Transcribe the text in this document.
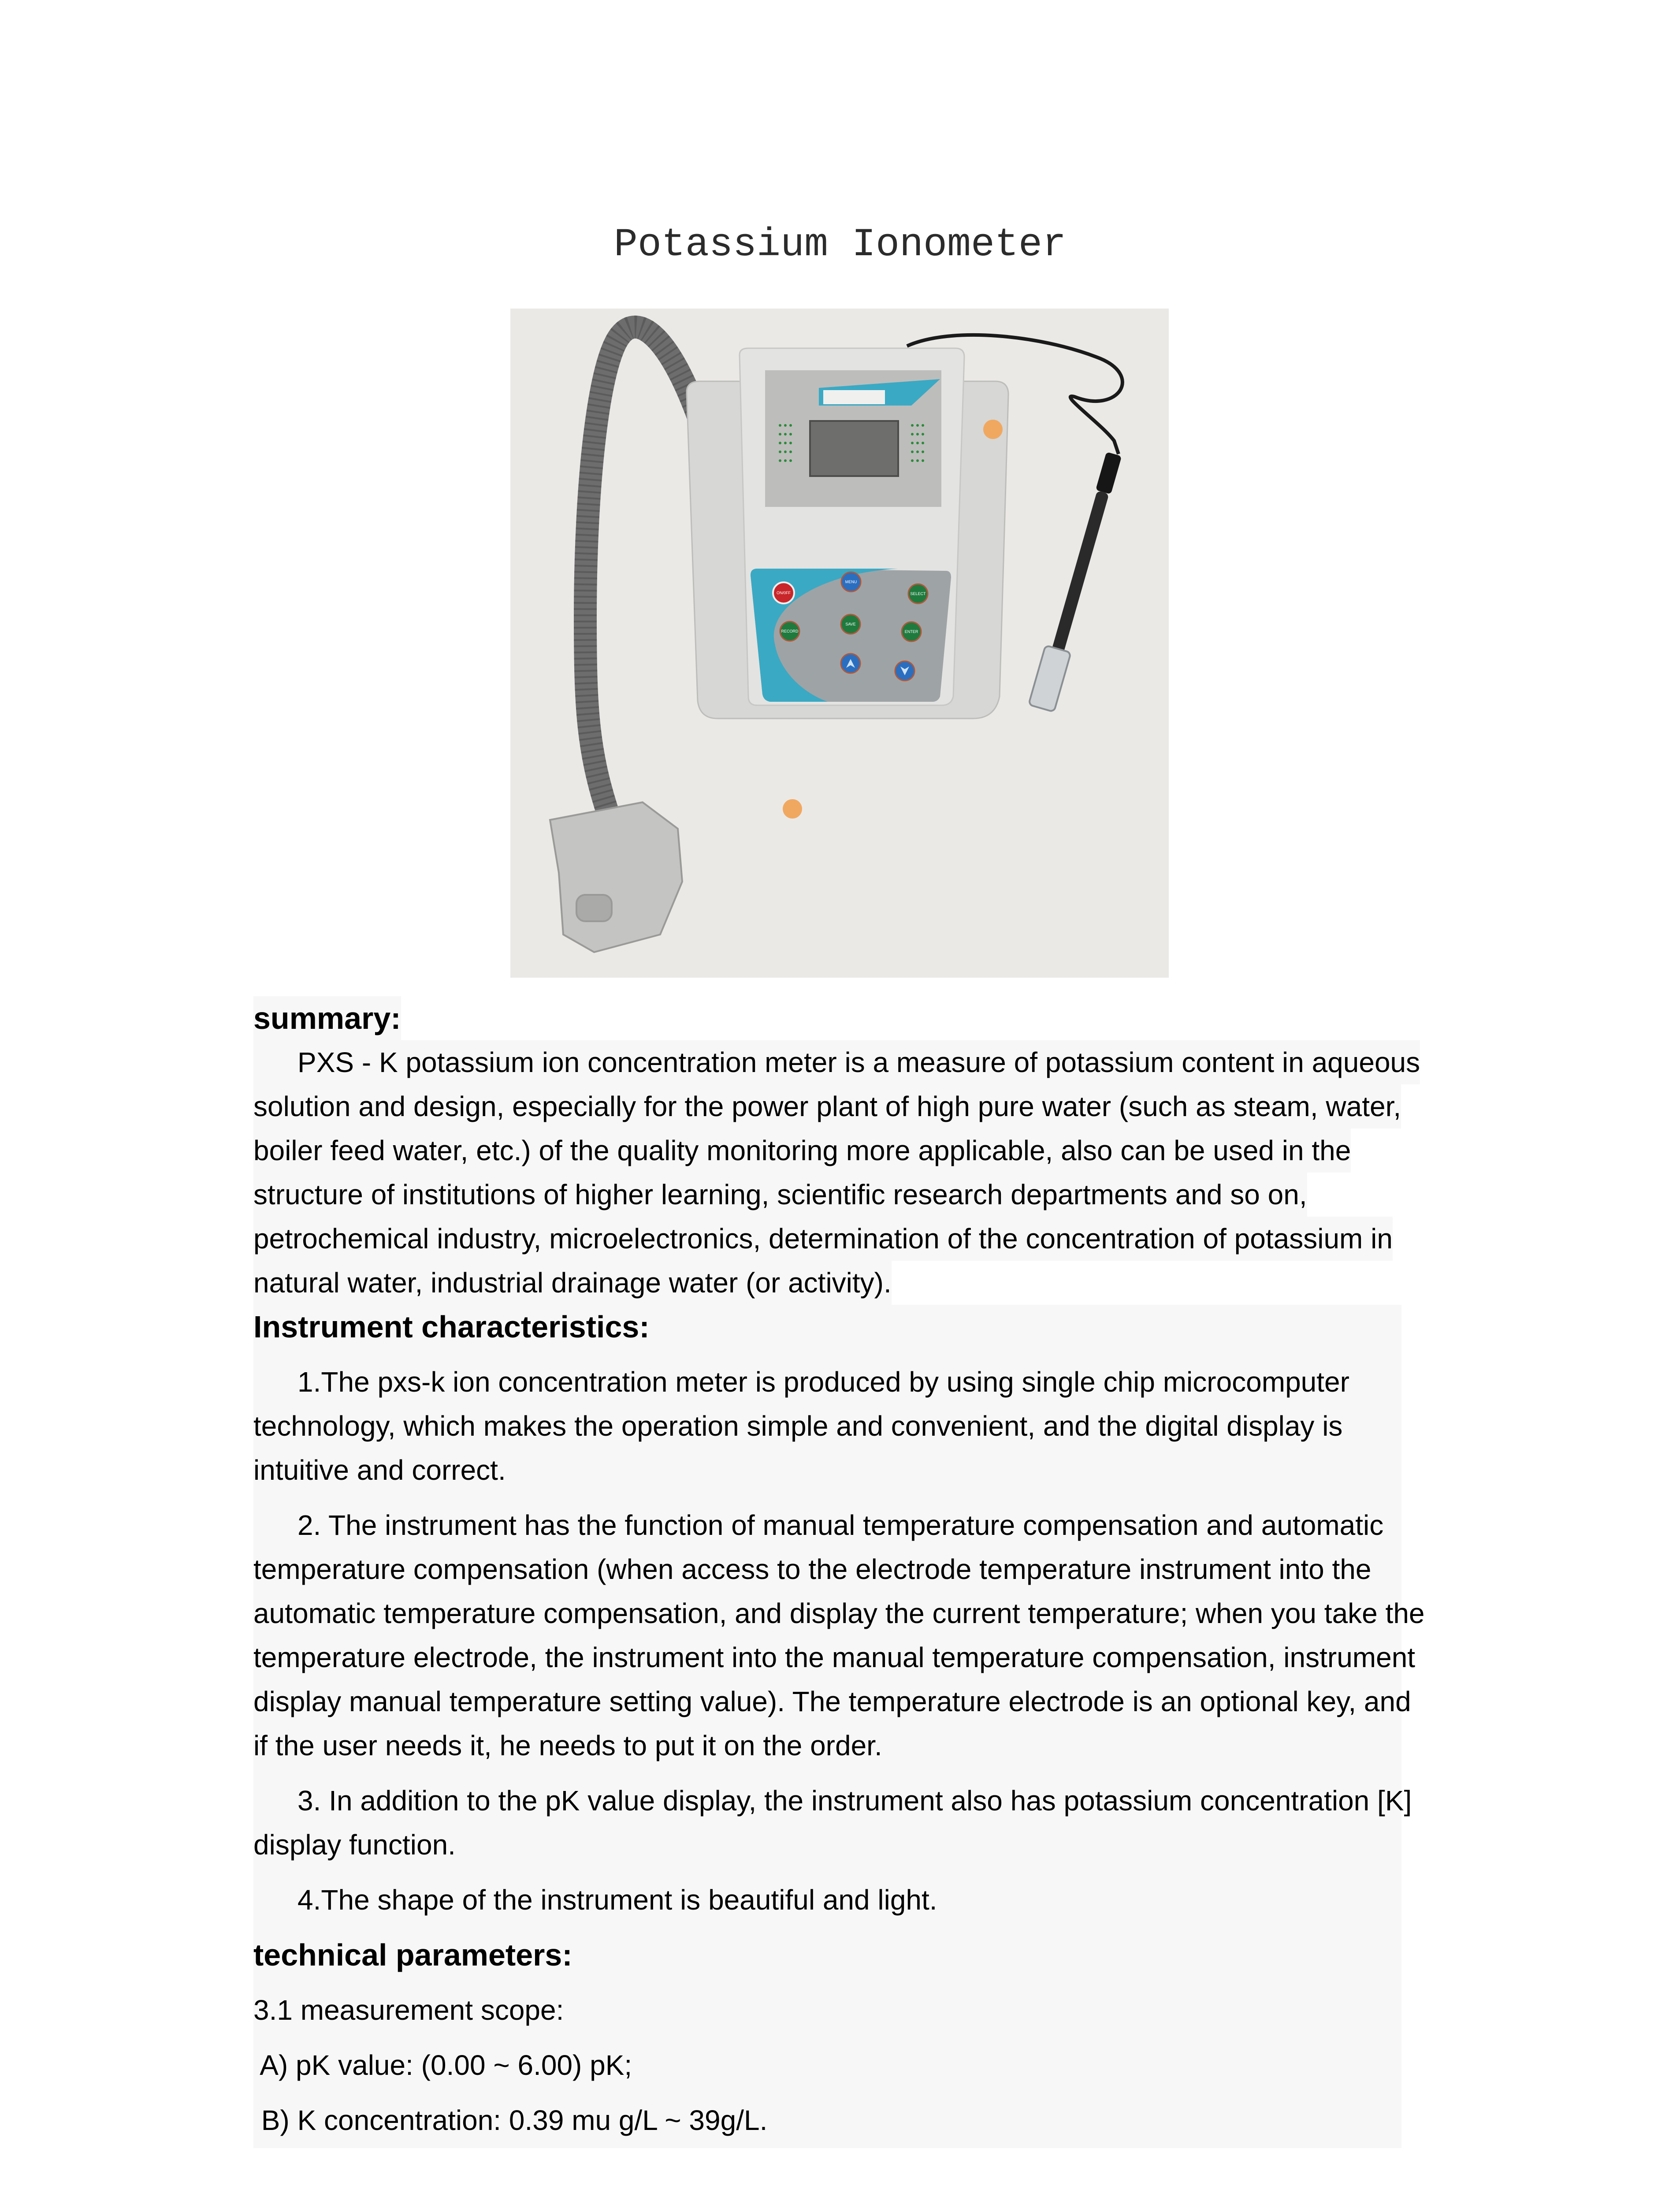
Potassium Ionometer
ON/0FF
MENU
SELECT
RECORD
SAVE
ENTER
summary:
PXS - K potassium ion concentration meter is a measure of potassium content in aqueous
solution and design, especially for the power plant of high pure water (such as steam, water,
boiler feed water, etc.) of the quality monitoring more applicable, also can be used in the
structure of institutions of higher learning, scientific research departments and so on,
petrochemical industry, microelectronics, determination of the concentration of potassium in
natural water, industrial drainage water (or activity).
Instrument characteristics:
1.The pxs-k ion concentration meter is produced by using single chip microcomputer
technology, which makes the operation simple and convenient, and the digital display is
intuitive and correct.
2. The instrument has the function of manual temperature compensation and automatic
temperature compensation (when access to the electrode temperature instrument into the
automatic temperature compensation, and display the current temperature; when you take the
temperature electrode, the instrument into the manual temperature compensation, instrument
display manual temperature setting value). The temperature electrode is an optional key, and
if the user needs it, he needs to put it on the order.
3. In addition to the pK value display, the instrument also has potassium concentration [K]
display function.
4.The shape of the instrument is beautiful and light.
technical parameters:
3.1 measurement scope:
A) pK value: (0.00 ~ 6.00) pK;
B) K concentration: 0.39 mu g/L ~ 39g/L.
